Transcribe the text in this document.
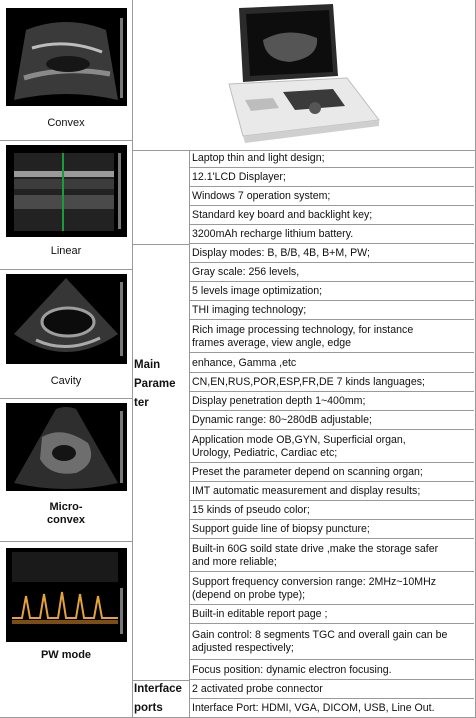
Convex
Linear
Cavity
Micro-
convex
PW mode
Main
Parame
ter
Interface
ports
Laptop thin and light design;
12.1'LCD Displayer;
Windows 7 operation system;
Standard key board and backlight key;
3200mAh recharge lithium battery.
Display modes: B, B/B, 4B, B+M, PW;
Gray scale: 256 levels,
5 levels image optimization;
THI imaging technology;
Rich image processing technology, for instance
frames average, view angle, edge
enhance, Gamma ,etc
CN,EN,RUS,POR,ESP,FR,DE 7 kinds languages;
Display penetration depth 1~400mm;
Dynamic range: 80~280dB adjustable;
Application mode OB,GYN, Superficial organ,
Urology, Pediatric, Cardiac etc;
Preset the parameter depend on scanning organ;
IMT automatic measurement and display results;
15 kinds of pseudo color;
Support guide line of biopsy puncture;
Built-in 60G soild state drive ,make the storage safer
and more reliable;
Support frequency conversion range: 2MHz~10MHz
(depend on probe type);
Built-in editable report page ;
Gain control: 8 segments TGC and overall gain can be
adjusted respectively;
Focus position: dynamic electron focusing.
2 activated probe connector
Interface Port: HDMI, VGA, DICOM, USB, Line Out.
